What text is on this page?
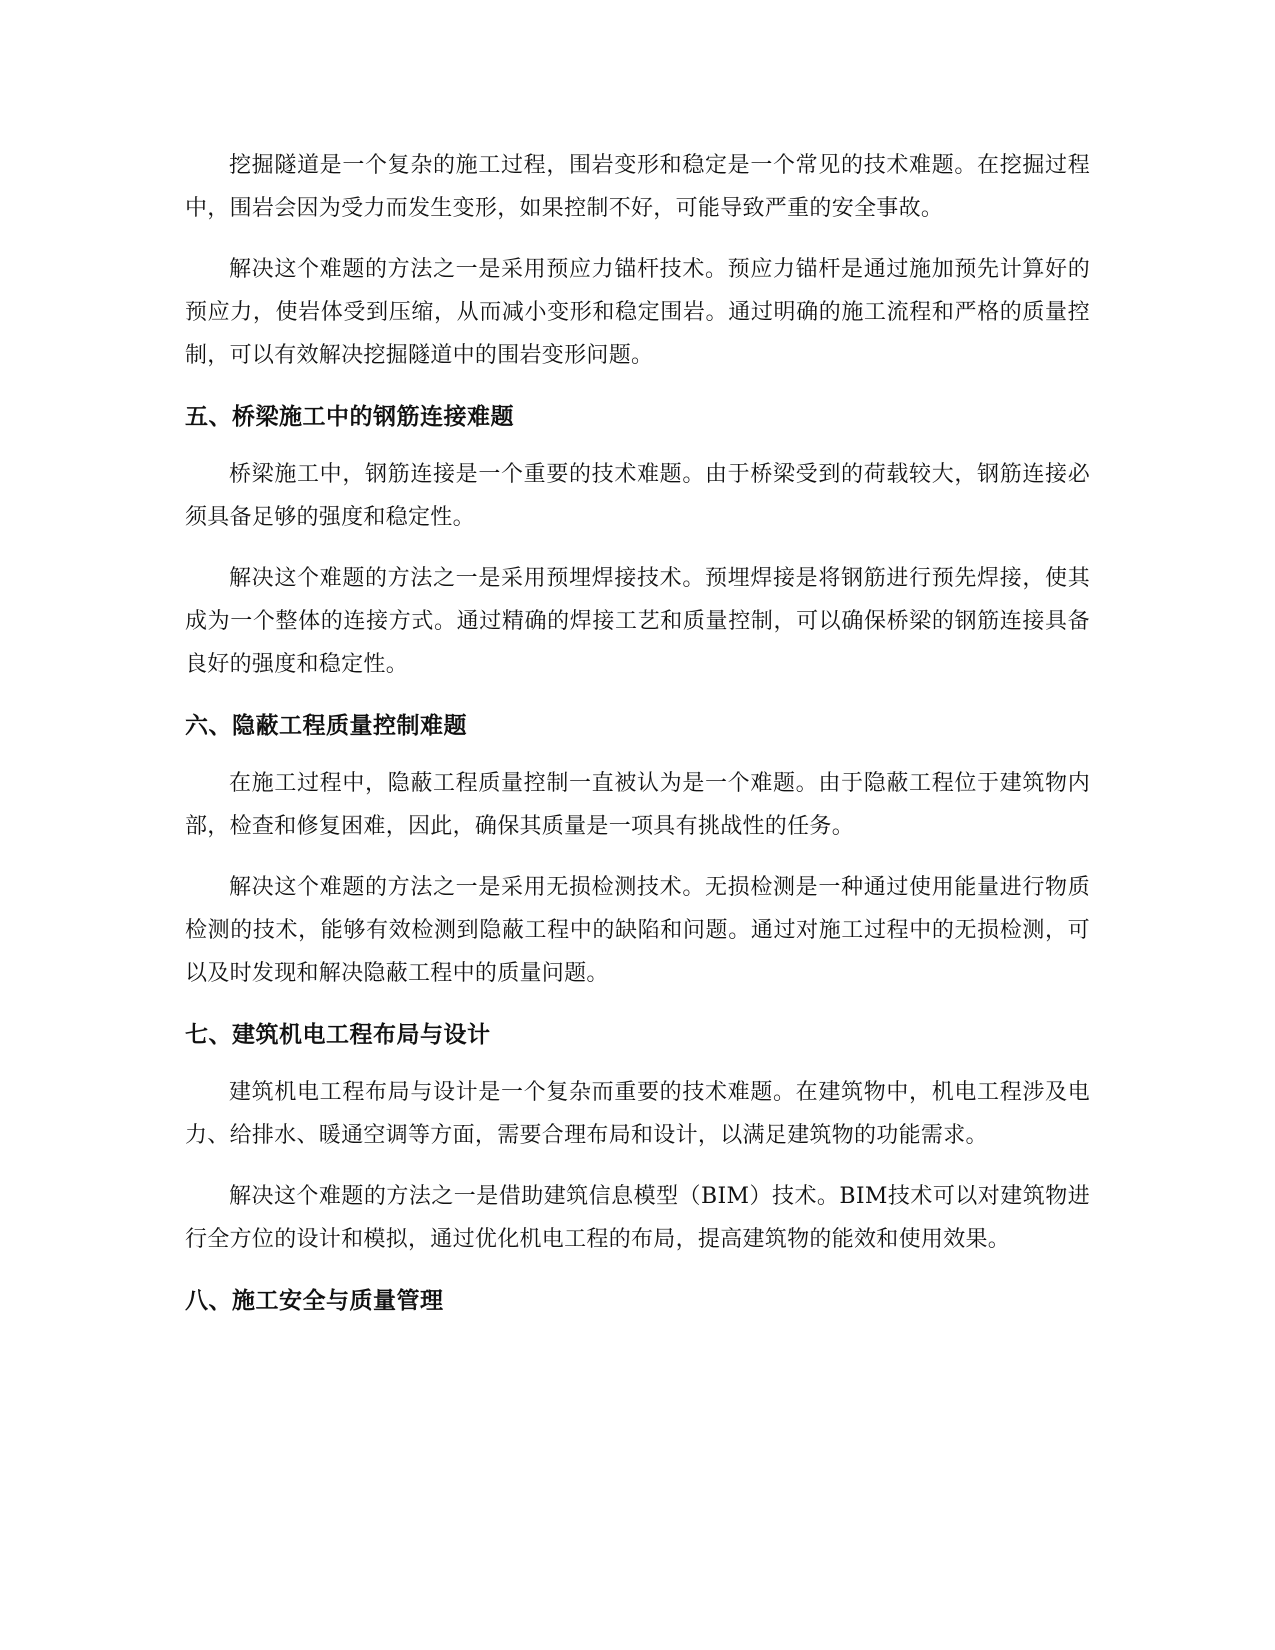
挖掘隧道是一个复杂的施工过程，围岩变形和稳定是一个常见的技术难题。在挖掘过程中，围岩会因为受力而发生变形，如果控制不好，可能导致严重的安全事故。

解决这个难题的方法之一是采用预应力锚杆技术。预应力锚杆是通过施加预先计算好的预应力，使岩体受到压缩，从而减小变形和稳定围岩。通过明确的施工流程和严格的质量控制，可以有效解决挖掘隧道中的围岩变形问题。

五、桥梁施工中的钢筋连接难题

桥梁施工中，钢筋连接是一个重要的技术难题。由于桥梁受到的荷载较大，钢筋连接必须具备足够的强度和稳定性。

解决这个难题的方法之一是采用预埋焊接技术。预埋焊接是将钢筋进行预先焊接，使其成为一个整体的连接方式。通过精确的焊接工艺和质量控制，可以确保桥梁的钢筋连接具备良好的强度和稳定性。

六、隐蔽工程质量控制难题

在施工过程中，隐蔽工程质量控制一直被认为是一个难题。由于隐蔽工程位于建筑物内部，检查和修复困难，因此，确保其质量是一项具有挑战性的任务。

解决这个难题的方法之一是采用无损检测技术。无损检测是一种通过使用能量进行物质检测的技术，能够有效检测到隐蔽工程中的缺陷和问题。通过对施工过程中的无损检测，可以及时发现和解决隐蔽工程中的质量问题。

七、建筑机电工程布局与设计

建筑机电工程布局与设计是一个复杂而重要的技术难题。在建筑物中，机电工程涉及电力、给排水、暖通空调等方面，需要合理布局和设计，以满足建筑物的功能需求。

解决这个难题的方法之一是借助建筑信息模型（BIM）技术。BIM技术可以对建筑物进行全方位的设计和模拟，通过优化机电工程的布局，提高建筑物的能效和使用效果。

八、施工安全与质量管理
